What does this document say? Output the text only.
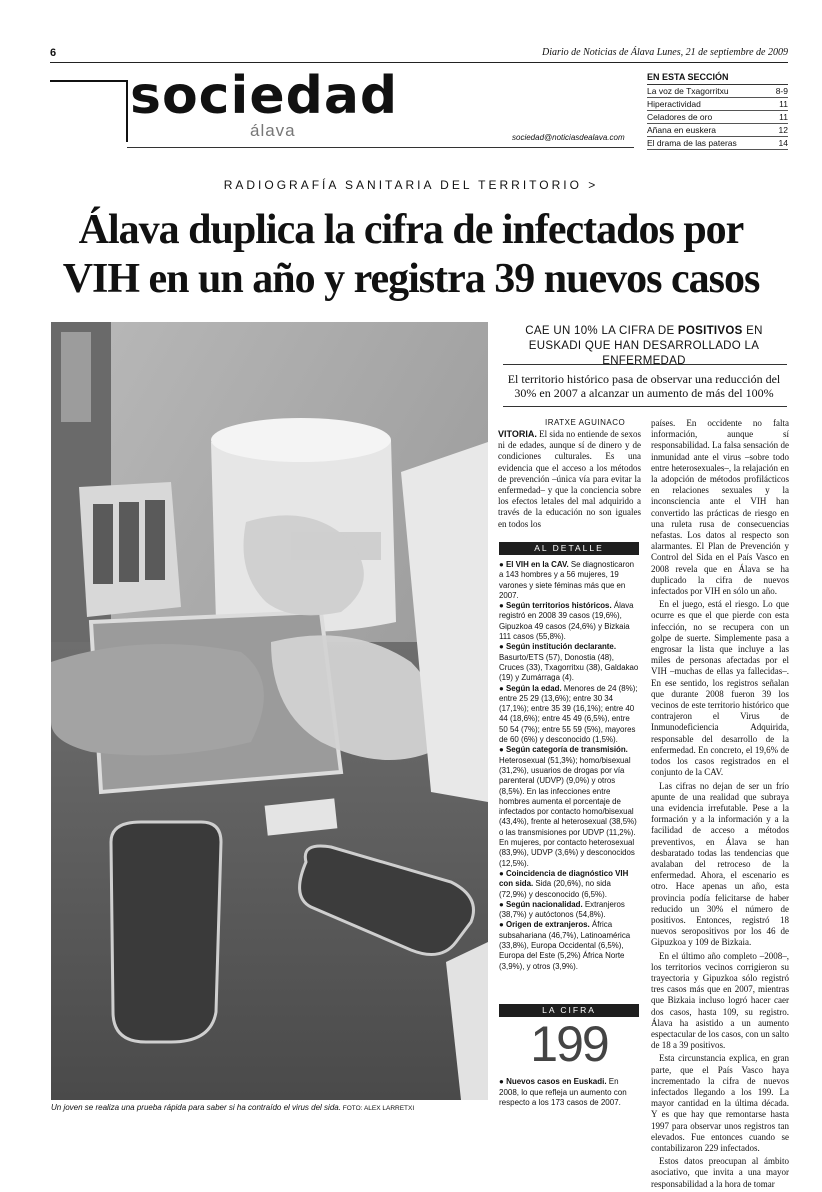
6	Diario de Noticias de Álava Lunes, 21 de septiembre de 2009
sociedad
álava	sociedad@noticiasdealava.com
EN ESTA SECCIÓN
La voz de Txagorritxu	8-9
Hiperactividad	11
Celadores de oro	11
Añana en euskera	12
El drama de las pateras	14
RADIOGRAFÍA SANITARIA DEL TERRITORIO >
Álava duplica la cifra de infectados por
VIH en un año y registra 39 nuevos casos
Un joven se realiza una prueba rápida para saber si ha contraído el virus del sida. FOTO: ALEX LARRETXI
CAE UN 10% LA CIFRA DE POSITIVOS EN EUSKADI QUE HAN DESARROLLADO LA ENFERMEDAD
El territorio histórico pasa de observar una reducción del 30% en 2007 a alcanzar un aumento de más del 100%
IRATXE AGUINACO

VITORIA. El sida no entiende de sexos ni de edades, aunque sí de dinero y de condiciones culturales. Es una evidencia que el acceso a los métodos de prevención –única vía para evitar la enfermedad– y que la conciencia sobre los efectos letales del mal adquirido a través de la educación no son iguales en todos los

países. En occidente no falta información, aunque sí responsabilidad. La falsa sensación de inmunidad ante el virus –sobre todo entre heterosexuales–, la relajación en la adopción de métodos profilácticos en relaciones sexuales y la inconsciencia ante el VIH han convertido las prácticas de riesgo en una ruleta rusa de consecuencias nefastas. Los datos al respecto son alarmantes. El Plan de Prevención y Control del Sida en el País Vasco en 2008 revela que en Álava se ha duplicado la cifra de nuevos infectados por VIH en sólo un año.

En el juego, está el riesgo. Lo que ocurre es que el que pierde con esta infección, no se recupera con un golpe de suerte. Simplemente pasa a engrosar la lista que incluye a las miles de personas afectadas por el VIH –muchas de ellas ya fallecidas–. En ese sentido, los registros señalan que durante 2008 fueron 39 los vecinos de este territorio histórico que contrajeron el Virus de Inmunodeficiencia Adquirida, responsable del desarrollo de la enfermedad. En concreto, el 19,6% de todos los casos registrados en el conjunto de la CAV.

Las cifras no dejan de ser un frío apunte de una realidad que subraya una evidencia irrefutable. Pese a la formación y a la información y a la facilidad de acceso a métodos preventivos, en Álava se han desbaratado todas las tendencias que avalaban del retroceso de la enfermedad. Ahora, el escenario es otro. Hace apenas un año, esta provincia podía felicitarse de haber reducido un 30% el número de positivos. Entonces, registró 18 nuevos seropositivos por los 46 de Gipuzkoa y 109 de Bizkaia.

En el último año completo –2008–, los territorios vecinos corrigieron su trayectoria y Gipuzkoa sólo registró tres casos más que en 2007, mientras que Bizkaia incluso logró hacer caer dos casos, hasta 109, su registro. Álava ha asistido a un aumento espectacular de los casos, con un salto de 18 a 39 positivos.

Esta circunstancia explica, en gran parte, que el País Vasco haya incrementado la cifra de nuevos infectados llegando a los 199. La mayor cantidad en la última década. Y es que hay que remontarse hasta 1997 para observar unos registros tan elevados. Fue entonces cuando se contabilizaron 229 infectados.

Estos datos preocupan al ámbito asociativo, que invita a una mayor responsabilidad a la hora de tomar

AL DETALLE

● El VIH en la CAV. Se diagnosticaron a 143 hombres y a 56 mujeres, 19 varones y siete féminas más que en 2007.

● Según territorios históricos. Álava registró en 2008 39 casos (19,6%), Gipuzkoa 49 casos (24,6%) y Bizkaia 111 casos (55,8%).

● Según institución declarante. Basurto/ETS (57), Donostia (48), Cruces (33), Txagorritxu (38), Galdakao (19) y Zumárraga (4).

● Según la edad. Menores de 24 (8%); entre 25 29 (13,6%); entre 30 34 (17,1%); entre 35 39 (16,1%); entre 40 44 (18,6%); entre 45 49 (6,5%), entre 50 54 (7%); entre 55 59 (5%), mayores de 60 (6%) y desconocido (1,5%).

● Según categoría de transmisión. Heterosexual (51,3%); homo/bisexual (31,2%), usuarios de drogas por vía parenteral (UDVP) (9,0%) y otros (8,5%). En las infecciones entre hombres aumenta el porcentaje de infectados por contacto homo/bisexual (43,4%), frente al heterosexual (38,5%) o las transmisiones por UDVP (11,2%). En mujeres, por contacto heterosexual (83,9%), UDVP (3,6%) y desconocidos (12,5%).

● Coincidencia de diagnóstico VIH con sida. Sida (20,6%), no sida (72,9%) y desconocido (6,5%).

● Según nacionalidad. Extranjeros (38,7%) y autóctonos (54,8%).

● Origen de extranjeros. África subsahariana (46,7%), Latinoamérica (33,8%), Europa Occidental (6,5%), Europa del Este (5,2%) África Norte (3,9%), y otros (3,9%).

LA CIFRA
199
● Nuevos casos en Euskadi. En 2008, lo que refleja un aumento con respecto a los 173 casos de 2007.
